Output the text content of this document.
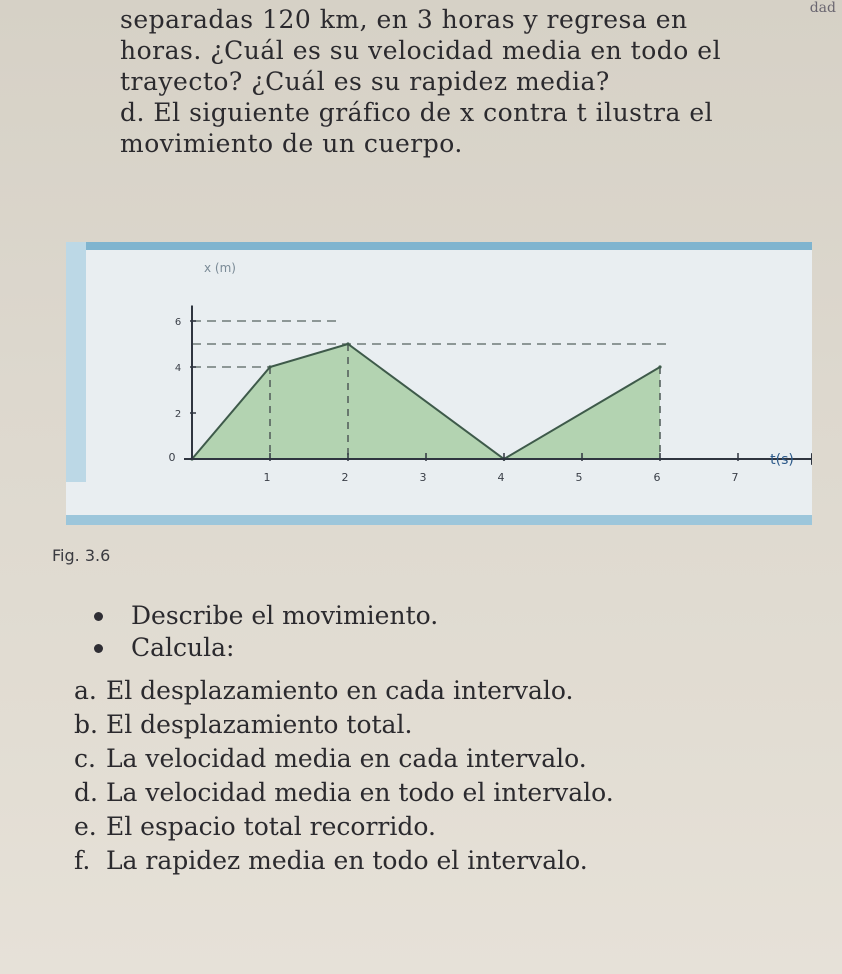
dad
separadas 120 km, en 3 horas y regresa en
horas. ¿Cuál es su velocidad media en todo el
trayecto? ¿Cuál es su rapidez media?
d. El siguiente gráfico de x contra t ilustra el
movimiento de un cuerpo.
0
1	2	3	4	5	6	7
2
4
6
x (m)
t(s)
Fig. 3.6
Describe el movimiento.
Calcula:
a. El desplazamiento en cada intervalo.
b. El desplazamiento total.
c. La velocidad media en cada intervalo.
d. La velocidad media en todo el intervalo.
e. El espacio total recorrido.
f. La rapidez media en todo el intervalo.
